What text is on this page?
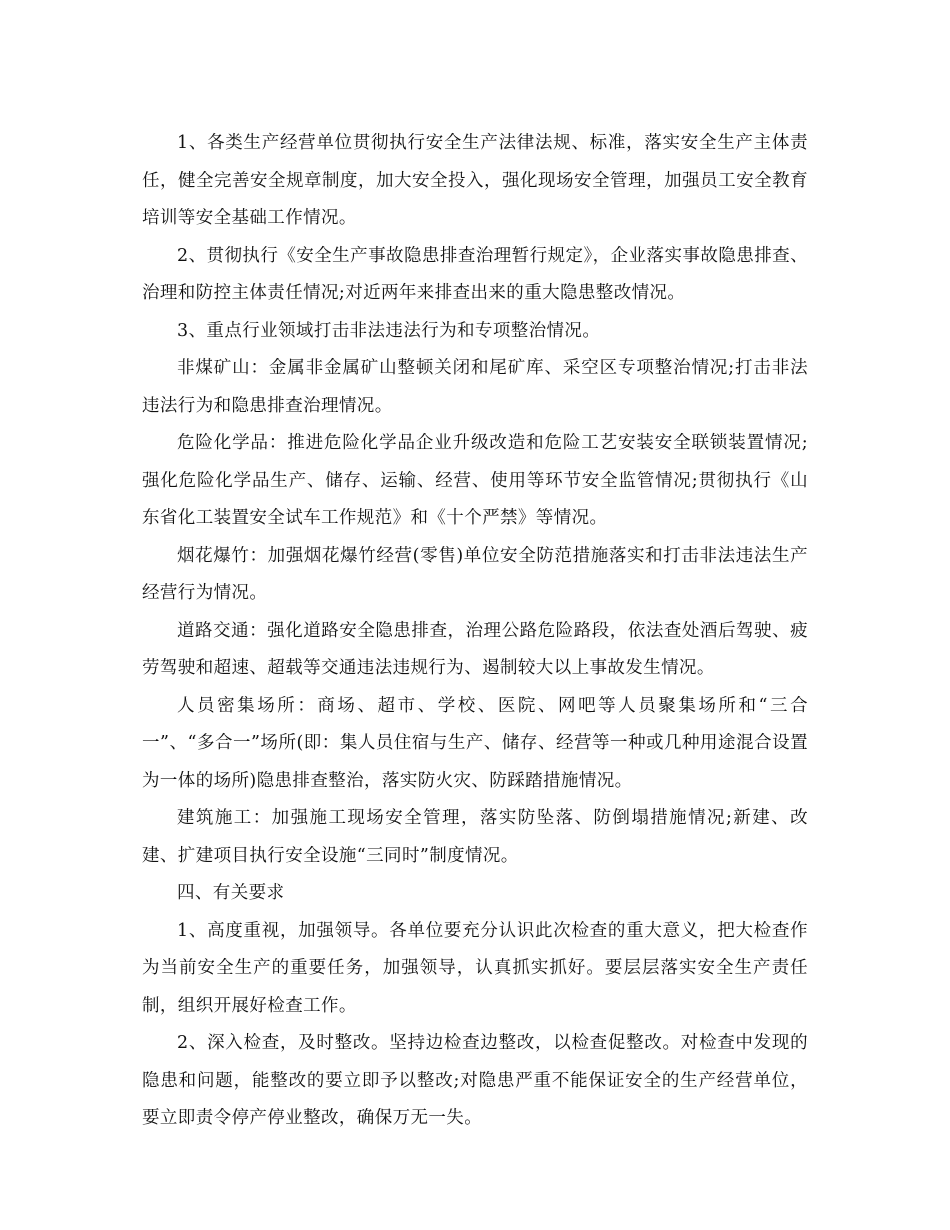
1、各类生产经营单位贯彻执行安全生产法律法规、标准，落实安全生产主体责任，健全完善安全规章制度，加大安全投入，强化现场安全管理，加强员工安全教育培训等安全基础工作情况。

2、贯彻执行《安全生产事故隐患排查治理暂行规定》，企业落实事故隐患排查、治理和防控主体责任情况;对近两年来排查出来的重大隐患整改情况。

3、重点行业领域打击非法违法行为和专项整治情况。

非煤矿山：金属非金属矿山整顿关闭和尾矿库、采空区专项整治情况;打击非法违法行为和隐患排查治理情况。

危险化学品：推进危险化学品企业升级改造和危险工艺安装安全联锁装置情况;强化危险化学品生产、储存、运输、经营、使用等环节安全监管情况;贯彻执行《山东省化工装置安全试车工作规范》和《十个严禁》等情况。

烟花爆竹：加强烟花爆竹经营(零售)单位安全防范措施落实和打击非法违法生产经营行为情况。

道路交通：强化道路安全隐患排查，治理公路危险路段，依法查处酒后驾驶、疲劳驾驶和超速、超载等交通违法违规行为、遏制较大以上事故发生情况。

人员密集场所：商场、超市、学校、医院、网吧等人员聚集场所和“三合一”、“多合一”场所(即：集人员住宿与生产、储存、经营等一种或几种用途混合设置为一体的场所)隐患排查整治，落实防火灾、防踩踏措施情况。

建筑施工：加强施工现场安全管理，落实防坠落、防倒塌措施情况;新建、改建、扩建项目执行安全设施“三同时”制度情况。

四、有关要求

1、高度重视，加强领导。各单位要充分认识此次检查的重大意义，把大检查作为当前安全生产的重要任务，加强领导，认真抓实抓好。要层层落实安全生产责任制，组织开展好检查工作。

2、深入检查，及时整改。坚持边检查边整改，以检查促整改。对检查中发现的隐患和问题，能整改的要立即予以整改;对隐患严重不能保证安全的生产经营单位，要立即责令停产停业整改，确保万无一失。
